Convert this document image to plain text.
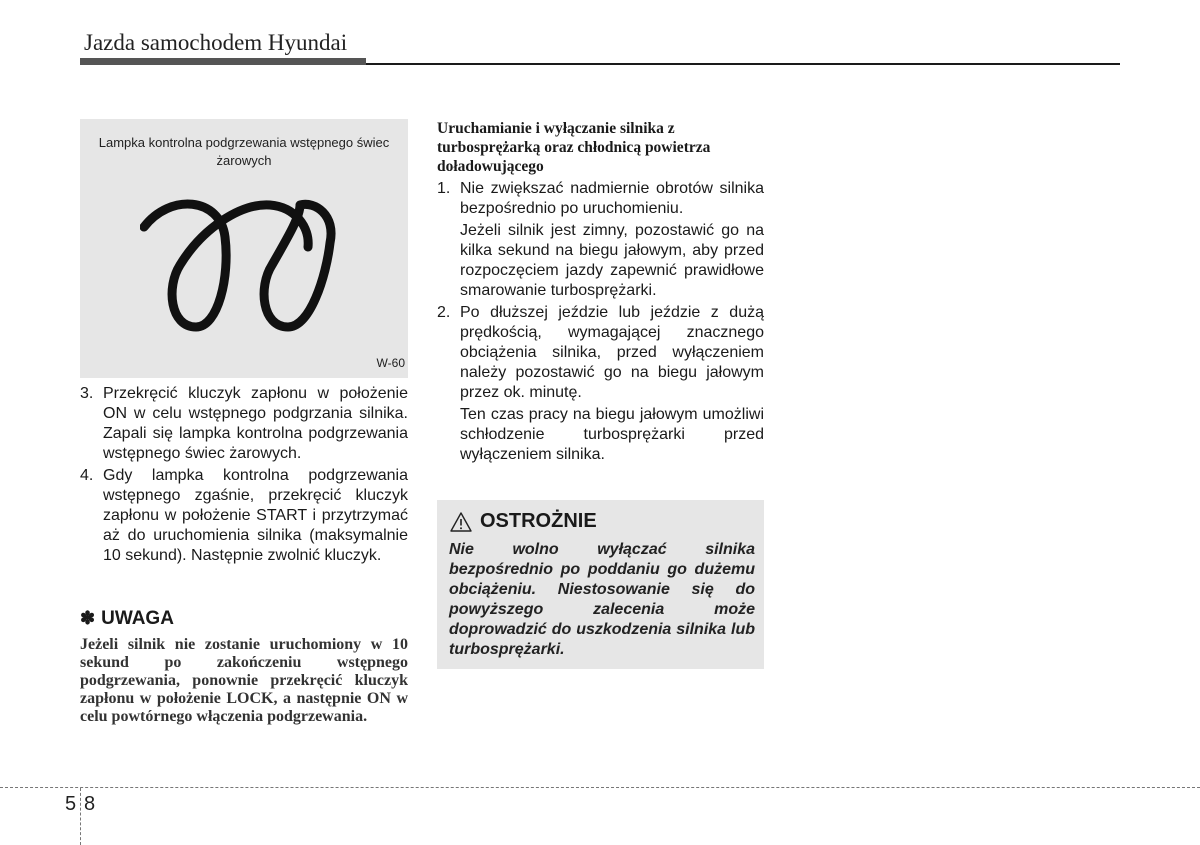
Jazda samochodem Hyundai
Lampka kontrolna podgrzewania wstępnego świec żarowych
W-60
3. Przekręcić kluczyk zapłonu w położenie ON w celu wstępnego podgrzania silnika. Zapali się lampka kontrolna podgrzewania wstępnego świec żarowych.
4. Gdy lampka kontrolna podgrzewania wstępnego zgaśnie, przekręcić kluczyk zapłonu w położenie START i przytrzymać aż do uruchomienia silnika (maksymalnie 10 sekund). Następnie zwolnić kluczyk.
✽ UWAGA
Jeżeli silnik nie zostanie uruchomiony w 10 sekund po zakończeniu wstępnego podgrzewania, ponownie przekręcić kluczyk zapłonu w położenie LOCK, a następnie ON w celu powtórnego włączenia podgrzewania.
Uruchamianie i wyłączanie silnika z turbosprężarką oraz chłodnicą powietrza doładowującego
1. Nie zwiększać nadmiernie obrotów silnika bezpośrednio po uruchomieniu.
Jeżeli silnik jest zimny, pozostawić go na kilka sekund na biegu jałowym, aby przed rozpoczęciem jazdy zapewnić prawidłowe smarowanie turbosprężarki.
2. Po dłuższej jeździe lub jeździe z dużą prędkością, wymagającej znacznego obciążenia silnika, przed wyłączeniem należy pozostawić go na biegu jałowym przez ok. minutę.
Ten czas pracy na biegu jałowym umożliwi schłodzenie turbosprężarki przed wyłączeniem silnika.
OSTROŻNIE
Nie wolno wyłączać silnika bezpośrednio po poddaniu go dużemu obciążeniu. Niestosowanie się do powyższego zalecenia może doprowadzić do uszkodzenia silnika lub turbosprężarki.
5 8
